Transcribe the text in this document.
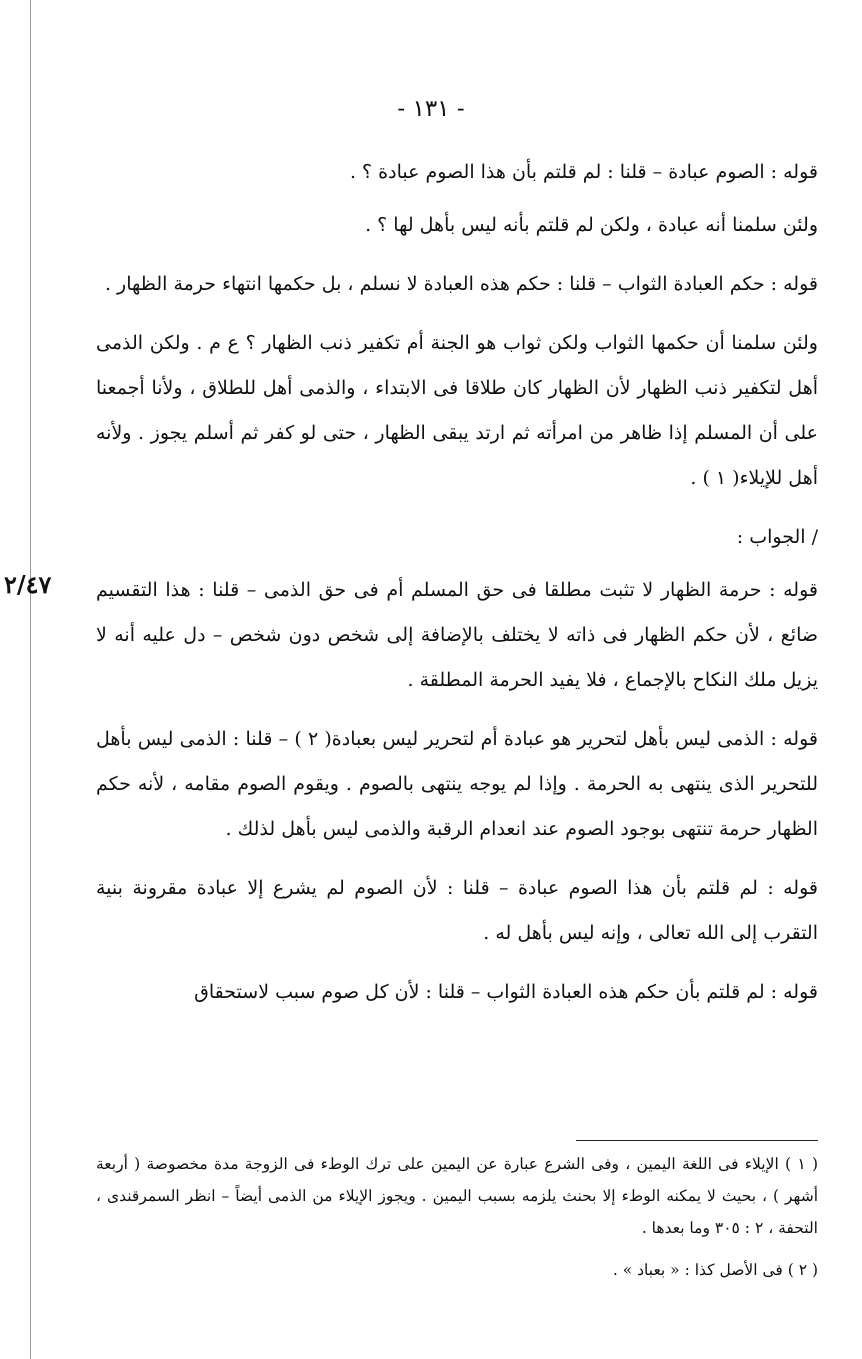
- ١٣١ -
٢/٤٧

قوله : الصوم عبادة – قلنا : لم قلتم بأن هذا الصوم عبادة ؟ .

ولئن سلمنا أنه عبادة ، ولكن لم قلتم بأنه ليس بأهل لها ؟ .

قوله : حكم العبادة الثواب – قلنا : حكم هذه العبادة لا نسلم ، بل حكمها انتهاء حرمة الظهار .

ولئن سلمنا أن حكمها الثواب ولكن ثواب هو الجنة أم تكفير ذنب الظهار ؟ ع م . ولكن الذمى أهل لتكفير ذنب الظهار لأن الظهار كان طلاقا فى الابتداء ، والذمى أهل للطلاق ، ولأنا أجمعنا على أن المسلم إذا ظاهر من امرأته ثم ارتد يبقى الظهار ، حتى لو كفر ثم أسلم يجوز . ولأنه أهل للإيلاء( ١ ) .

/ الجواب :

قوله : حرمة الظهار لا تثبت مطلقا فى حق المسلم أم فى حق الذمى – قلنا : هذا التقسيم ضائع ، لأن حكم الظهار فى ذاته لا يختلف بالإضافة إلى شخص دون شخص – دل عليه أنه لا يزيل ملك النكاح بالإجماع ، فلا يفيد الحرمة المطلقة .

قوله : الذمى ليس بأهل لتحرير هو عبادة أم لتحرير ليس بعبادة( ٢ ) – قلنا : الذمى ليس بأهل للتحرير الذى ينتهى به الحرمة . وإذا لم يوجه ينتهى بالصوم . ويقوم الصوم مقامه ، لأنه حكم الظهار حرمة تنتهى بوجود الصوم عند انعدام الرقبة والذمى ليس بأهل لذلك .

قوله : لم قلتم بأن هذا الصوم عبادة – قلنا : لأن الصوم لم يشرع إلا عبادة مقرونة بنية التقرب إلى الله تعالى ، وإنه ليس بأهل له .

قوله : لم قلتم بأن حكم هذه العبادة الثواب – قلنا : لأن كل صوم سبب لاستحقاق

( ١ ) الإيلاء فى اللغة اليمين ، وفى الشرع عبارة عن اليمين على ترك الوطء فى الزوجة مدة مخصوصة ( أربعة أشهر ) ، بحيث لا يمكنه الوطء إلا بحنث يلزمه بسبب اليمين . ويجوز الإيلاء من الذمى أيضاً – انظر السمرقندى ، التحفة ، ٢ : ٣٠٥ وما بعدها .

( ٢ ) فى الأصل كذا : « بعباد » .
